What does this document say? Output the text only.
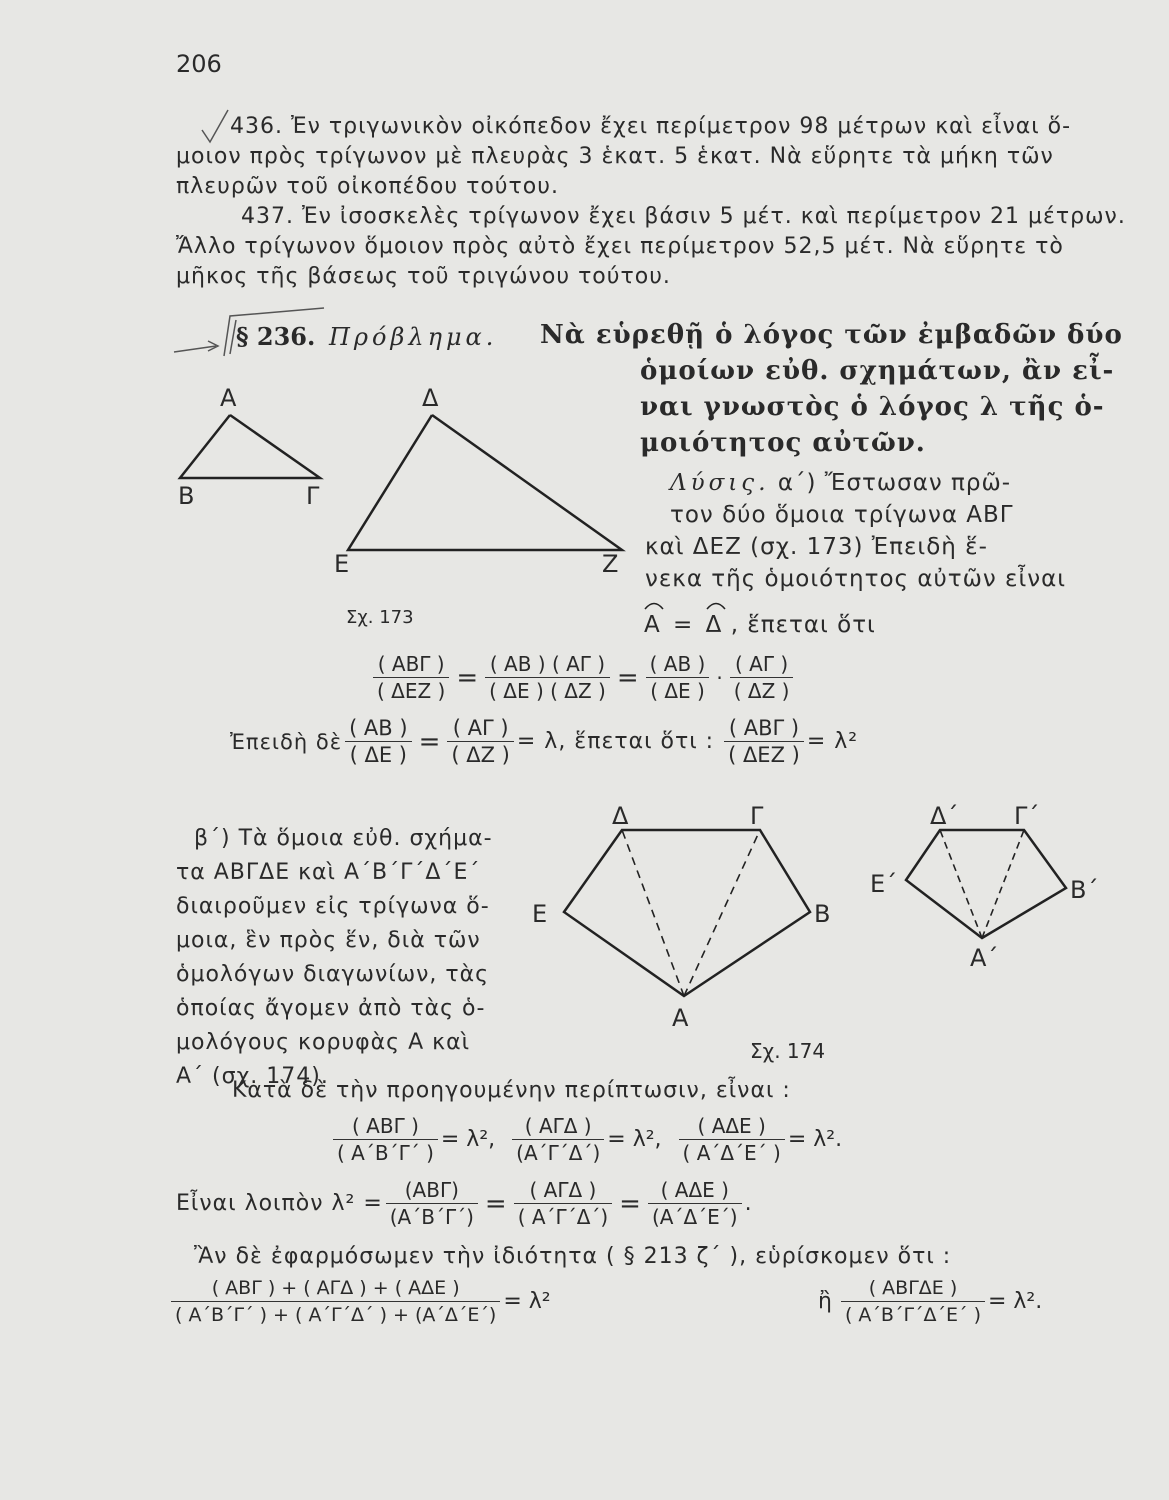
206
436. Ἐν τριγωνικὸν οἰκόπεδον ἔχει περίμετρον 98 μέτρων καὶ εἶναι ὅ-
μοιον πρὸς τρίγωνον μὲ πλευρὰς 3 ἑκατ. 5 ἑκατ. Νὰ εὕρητε τὰ μήκη τῶν
πλευρῶν τοῦ οἰκοπέδου τούτου.
437. Ἐν ἰσοσκελὲς τρίγωνον ἔχει βάσιν 5 μέτ. καὶ περίμετρον 21 μέτρων.
Ἄλλο τρίγωνον ὅμοιον πρὸς αὐτὸ ἔχει περίμετρον 52,5 μέτ. Νὰ εὕρητε τὸ
μῆκος τῆς βάσεως τοῦ τριγώνου τούτου.
§ 236. Πρόβλημα. Νὰ εὑρεθῇ ὁ λόγος τῶν ἐμβαδῶν δύο
ὁμοίων εὐθ. σχημάτων, ἂν εἶ-
ναι γνωστὸς ὁ λόγος λ τῆς ὁ-
μοιότητος αὐτῶν.
Α
Β	Γ
Δ
Ε	Ζ
Σχ. 173
Λύσις. α΄) Ἔστωσαν πρῶ-
τον δύο ὅμοια τρίγωνα ΑΒΓ
καὶ ΔΕΖ (σχ. 173) Ἐπειδὴ ἕ-
νεκα τῆς ὁμοιότητος αὐτῶν εἶναι
Α = Δ , ἕπεται ὅτι
$\frac{\text{( ΑΒΓ )}}{\text{( ΔΕΖ )}} = \frac{( AB ) ( A\Gamma )}{( \Delta E ) ( \Delta Z )} = \frac{( AB )}{( \Delta E )} \cdot \frac{( A\Gamma )}{( \Delta Z )}$
Ἐπειδὴ δὲ $\frac{( AB )}{( \Delta E )} = \frac{( A\Gamma )}{( \Delta Z )} = \lambda$, ἕπεται ὅτι : $\frac{\text{( ΑΒΓ )}}{\text{( ΔΕΖ )}} = \lambda^2$
β΄) Τὰ ὅμοια εὐθ. σχήμα-
τα ΑΒΓΔΕ καὶ Α΄Β΄Γ΄Δ΄Ε΄
διαιροῦμεν εἰς τρίγωνα ὅ-
μοια, ἓν πρὸς ἕν, διὰ τῶν
ὁμολόγων διαγωνίων, τὰς
ὁποίας ἄγομεν ἀπὸ τὰς ὁ-
μολόγους κορυφὰς Α καὶ
Α΄ (σχ. 174).
Δ	Γ
Ε	Β
Α
Δ΄ Γ΄
Ε΄	Β΄
Α΄
Σχ. 174
Κατὰ δὲ τὴν προηγουμένην περίπτωσιν, εἶναι :
$\frac{\text{( ΑΒΓ )}}{( A΄B΄\Gamma΄ )} = \lambda^2$, $\frac{\text{( ΑΓΔ )}}{(A΄\Gamma΄\Delta΄)} = \lambda^2$, $\frac{\text{( ΑΔΕ )}}{( A΄\Delta΄E΄ )} = \lambda^2$.
Εἶναι λοιπὸν $\lambda^2 = \frac{\text{(ΑΒΓ)}}{(A΄B΄\Gamma΄)} = \frac{\text{( ΑΓΔ )}}{( A΄\Gamma΄\Delta΄)} = \frac{\text{( ΑΔΕ )}}{(A΄\Delta΄E΄)}$ .
Ἂν δὲ ἐφαρμόσωμεν τὴν ἰδιότητα ( § 213 ζ΄ ), εὑρίσκομεν ὅτι :
$\frac{\text{( ΑΒΓ ) + ( ΑΓΔ ) + ( ΑΔΕ )}}{( A΄B΄\Gamma΄ ) + ( A΄\Gamma΄\Delta΄ ) + (A΄\Delta΄E΄)} = \lambda^2$	ἢ $\frac{\text{( ΑΒΓΔΕ )}}{( A΄B΄\Gamma΄\Delta΄E΄ )} = \lambda^2$.
